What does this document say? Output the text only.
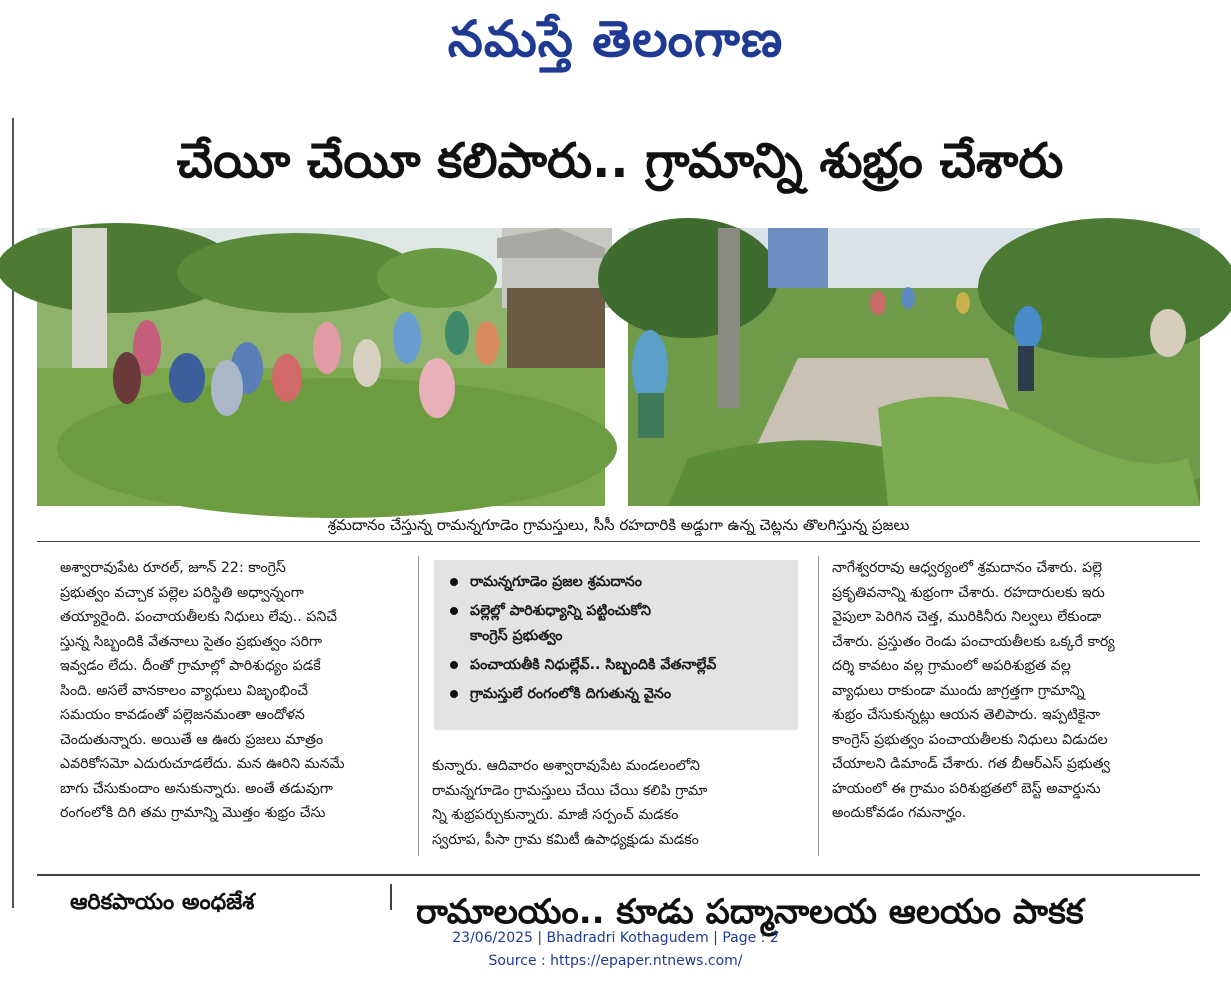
నమస్తే తెలంగాణ
చేయీ చేయీ కలిపారు.. గ్రామాన్ని శుభ్రం చేశారు
శ్రమదానం చేస్తున్న రామన్నగూడెం గ్రామస్తులు, సీసీ రహదారికి అడ్డుగా ఉన్న చెట్లను తొలగిస్తున్న ప్రజలు

అశ్వారావుపేట రూరల్, జూన్ 22: కాంగ్రెస్

ప్రభుత్వం వచ్చాక పల్లెల పరిస్థితి అధ్వాన్నంగా

తయ్యారైంది. పంచాయతీలకు నిధులు లేవు.. పనిచే

స్తున్న సిబ్బందికి వేతనాలు సైతం ప్రభుత్వం సరిగా

ఇవ్వడం లేదు. దీంతో గ్రామాల్లో పారిశుధ్యం పడకే

సింది. అసలే వానకాలం వ్యాధులు విజృంభించే

సమయం కావడంతో పల్లెజనమంతా ఆందోళన

చెందుతున్నారు. అయితే ఆ ఊరు ప్రజలు మాత్రం

ఎవరికోసమో ఎదురుచూడలేదు. మన ఊరిని మనమే

బాగు చేసుకుందాం అనుకున్నారు. అంతే తడువుగా

రంగంలోకి దిగి తమ గ్రామాన్ని మొత్తం శుభ్రం చేసు

రామన్నగూడెం ప్రజల శ్రమదానం
పల్లెల్లో పారిశుధ్యాన్ని పట్టించుకోని
కాంగ్రెస్ ప్రభుత్వం
పంచాయతీకి నిధుల్లేవ్.. సిబ్బందికి వేతనాల్లేవ్
గ్రామస్తులే రంగంలోకి దిగుతున్న వైనం

కున్నారు. ఆదివారం అశ్వారావుపేట మండలంలోని

రామన్నగూడెం గ్రామస్తులు చేయి చేయి కలిపి గ్రామా

న్ని శుభ్రపర్చుకున్నారు. మాజీ సర్పంచ్ మడకం

స్వరూప, పీసా గ్రామ కమిటీ ఉపాధ్యక్షుడు మడకం

నాగేశ్వరరావు ఆధ్వర్యంలో శ్రమదానం చేశారు. పల్లె

ప్రకృతివనాన్ని శుభ్రంగా చేశారు. రహదారులకు ఇరు

వైపులా పెరిగిన చెత్త, మురికినీరు నిల్వలు లేకుండా

చేశారు. ప్రస్తుతం రెండు పంచాయతీలకు ఒక్కరే కార్య

దర్శి కావటం వల్ల గ్రామంలో అపరిశుభ్రత వల్ల

వ్యాధులు రాకుండా ముందు జాగ్రత్తగా గ్రామాన్ని

శుభ్రం చేసుకున్నట్లు ఆయన తెలిపారు. ఇప్పటికైనా

కాంగ్రెస్ ప్రభుత్వం పంచాయతీలకు నిధులు విడుదల

చేయాలని డిమాండ్ చేశారు. గత బీఆర్ఎస్ ప్రభుత్వ

హయంలో ఈ గ్రామం పరిశుభ్రతలో బెస్ట్ అవార్డును

అందుకోవడం గమనార్హం.

ఆరికపాయం అంధజేశ	రామాలయం.. కూడు పద్మానాలయ ఆలయం పాకక
23/06/2025 | Bhadradri Kothagudem | Page : 2
Source : https://epaper.ntnews.com/
